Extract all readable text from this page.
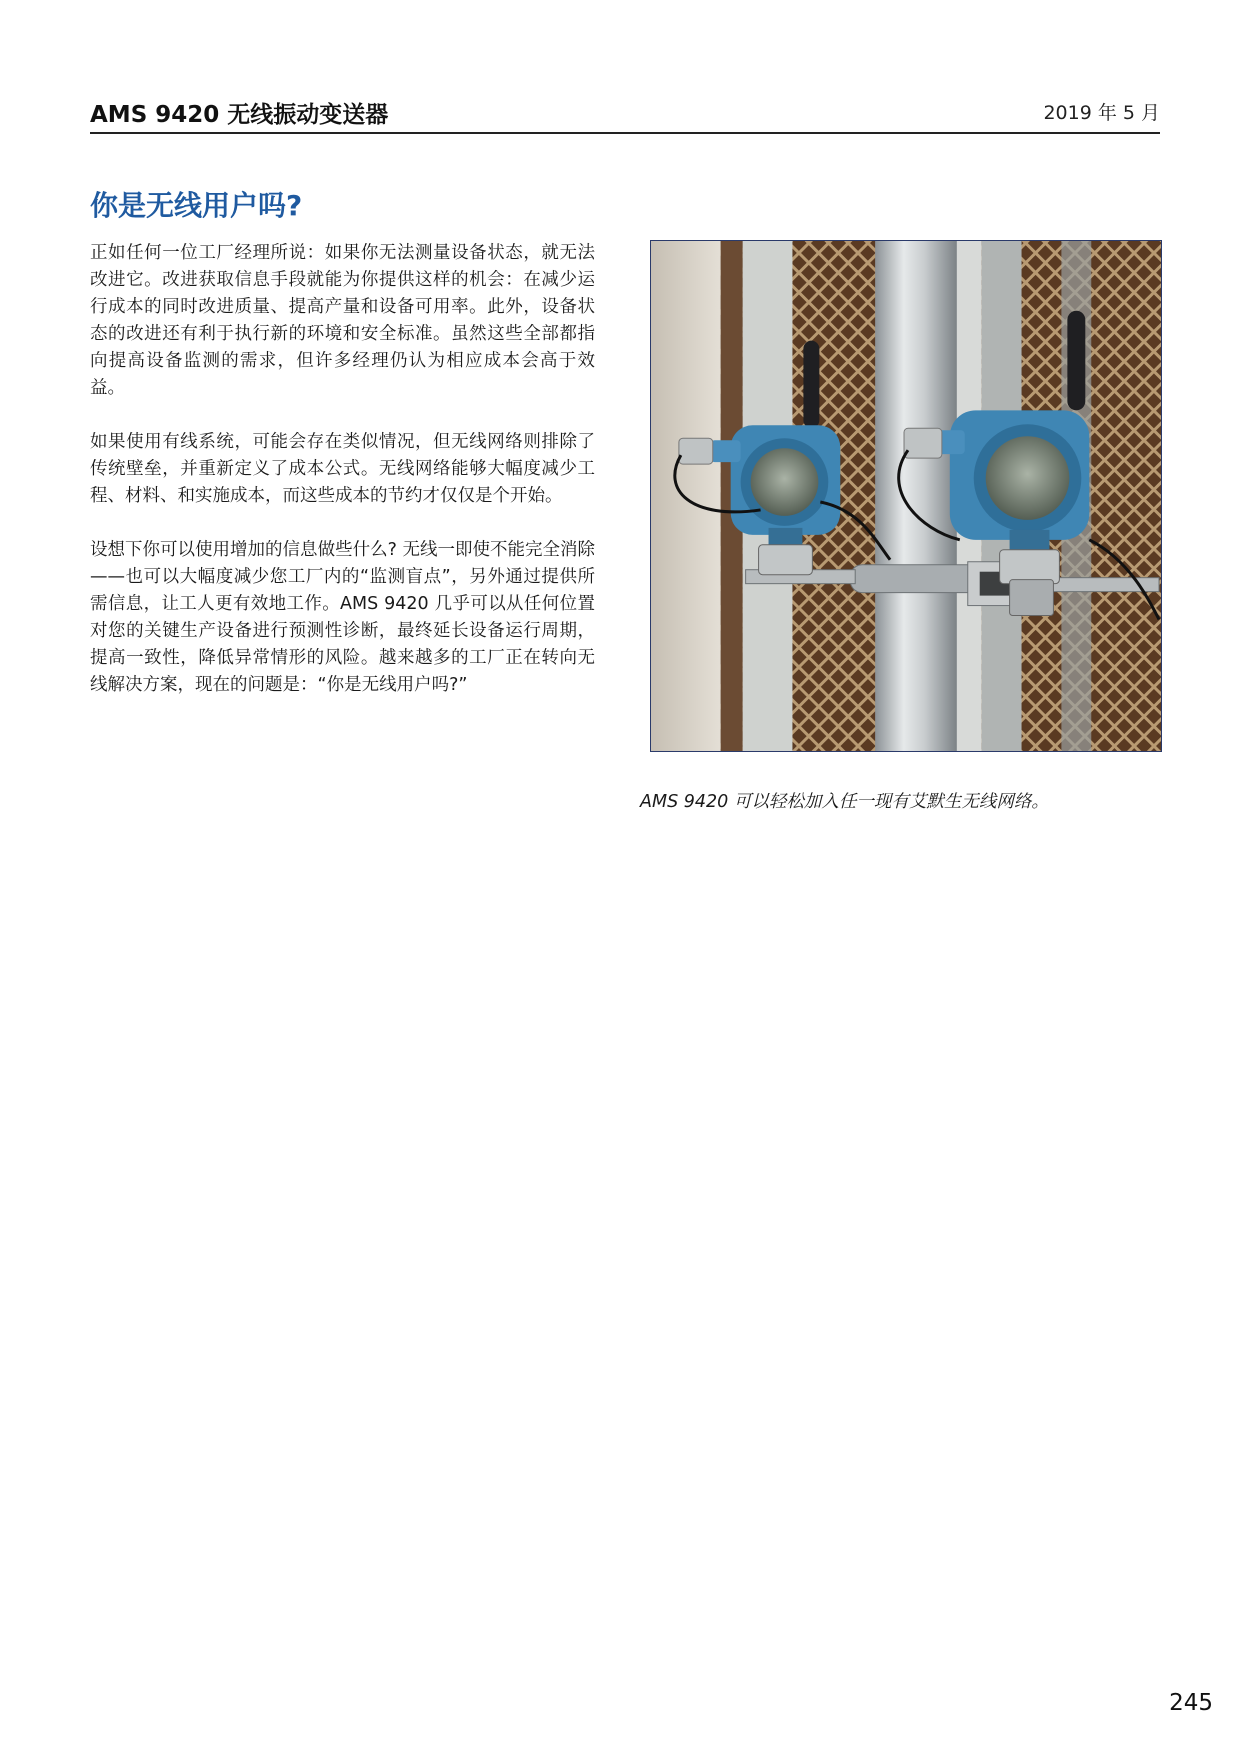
AMS 9420 无线振动变送器	2019 年 5 月
你是无线用户吗?

正如任何一位工厂经理所说：如果你无法测量设备状态，就无法改进它。改进获取信息手段就能为你提供这样的机会：在减少运行成本的同时改进质量、提高产量和设备可用率。此外，设备状态的改进还有利于执行新的环境和安全标准。虽然这些全部都指向提高设备监测的需求，但许多经理仍认为相应成本会高于效益。

如果使用有线系统，可能会存在类似情况，但无线网络则排除了传统壁垒，并重新定义了成本公式。无线网络能够大幅度减少工程、材料、和实施成本，而这些成本的节约才仅仅是个开始。

设想下你可以使用增加的信息做些什么? 无线一即使不能完全消除——也可以大幅度减少您工厂内的“监测盲点”，另外通过提供所需信息，让工人更有效地工作。AMS 9420 几乎可以从任何位置对您的关键生产设备进行预测性诊断，最终延长设备运行周期，提高一致性，降低异常情形的风险。越来越多的工厂正在转向无线解决方案，现在的问题是：“你是无线用户吗?”

AMS 9420 可以轻松加入任一现有艾默生无线网络。
245
